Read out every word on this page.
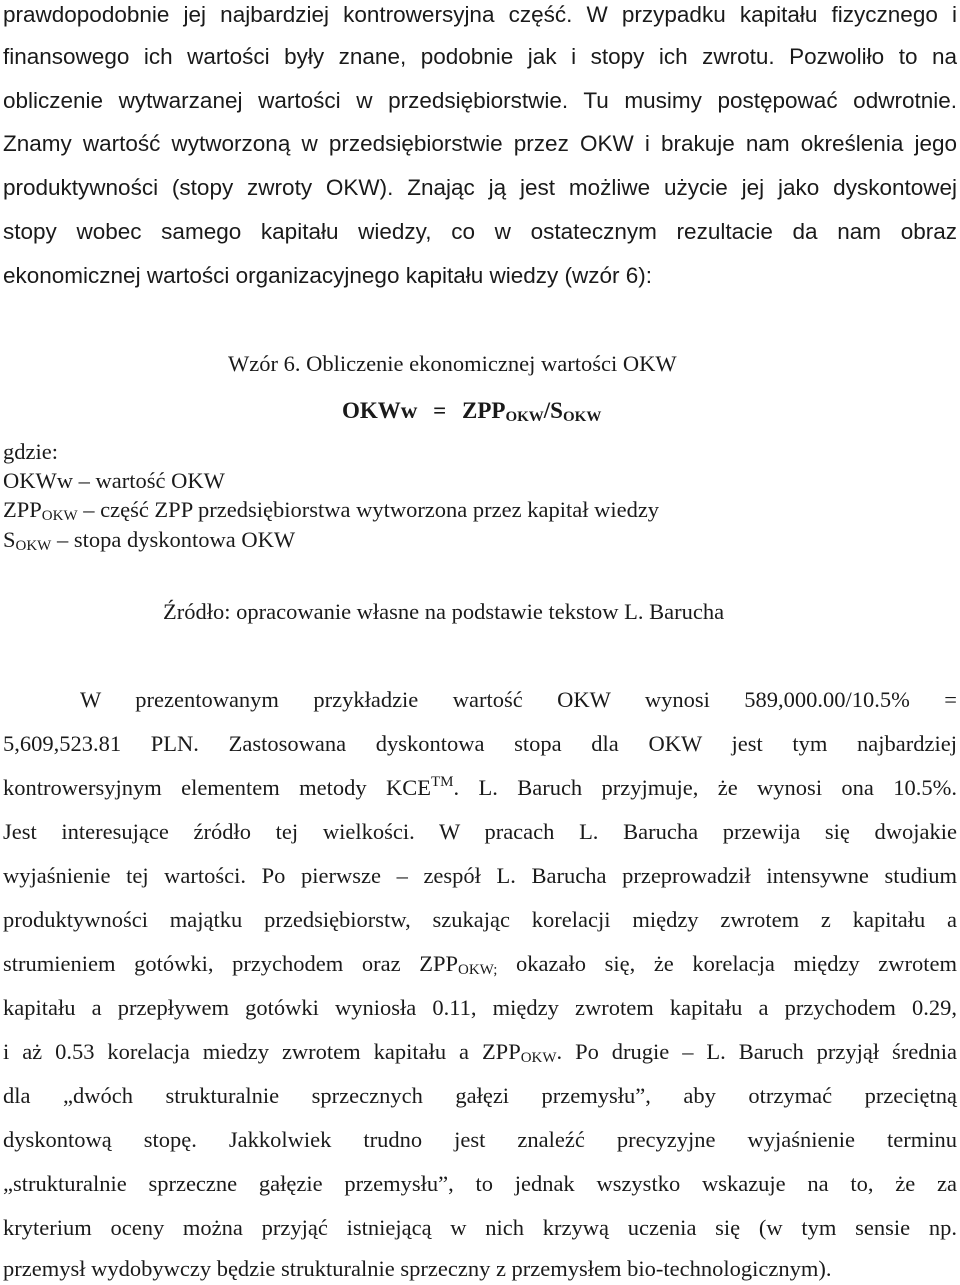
prawdopodobnie jej najbardziej kontrowersyjna część. W przypadku kapitału fizycznego i
finansowego ich wartości były znane, podobnie jak i stopy ich zwrotu. Pozwoliło to na
obliczenie wytwarzanej wartości w przedsiębiorstwie. Tu musimy postępować odwrotnie.
Znamy wartość wytworzoną w przedsiębiorstwie przez OKW i brakuje nam określenia jego
produktywności (stopy zwroty OKW). Znając ją jest możliwe użycie jej jako dyskontowej
stopy wobec samego kapitału wiedzy, co w ostatecznym rezultacie da nam obraz
ekonomicznej wartości organizacyjnego kapitału wiedzy (wzór 6):
Wzór 6. Obliczenie ekonomicznej wartości OKW
OKWw = $ZPP_{OKW}/S_{OKW}$
gdzie:
OKWw – wartość OKW
$ZPP_{OKW}$ – część ZPP przedsiębiorstwa wytworzona przez kapitał wiedzy
$S_{OKW}$ – stopa dyskontowa OKW
Źródło: opracowanie własne na podstawie tekstow L. Barucha
W prezentowanym przykładzie wartość OKW wynosi 589,000.00/10.5% =
5,609,523.81 PLN. Zastosowana dyskontowa stopa dla OKW jest tym najbardziej
kontrowersyjnym elementem metody KCE™. L. Baruch przyjmuje, że wynosi ona 10.5%.
Jest interesujące źródło tej wielkości. W pracach L. Barucha przewija się dwojakie
wyjaśnienie tej wartości. Po pierwsze – zespół L. Barucha przeprowadził intensywne studium
produktywności majątku przedsiębiorstw, szukając korelacji między zwrotem z kapitału a
strumieniem gotówki, przychodem oraz $ZPP_{OKW;}$ okazało się, że korelacja między zwrotem
kapitału a przepływem gotówki wyniosła 0.11, między zwrotem kapitału a przychodem 0.29,
i aż 0.53 korelacja miedzy zwrotem kapitału a $ZPP_{OKW}$. Po drugie – L. Baruch przyjął średnia
dla „dwóch strukturalnie sprzecznych gałęzi przemysłu”, aby otrzymać przeciętną
dyskontową stopę. Jakkolwiek trudno jest znaleźć precyzyjne wyjaśnienie terminu
„strukturalnie sprzeczne gałęzie przemysłu”, to jednak wszystko wskazuje na to, że za
kryterium oceny można przyjąć istniejącą w nich krzywą uczenia się (w tym sensie np.
przemysł wydobywczy będzie strukturalnie sprzeczny z przemysłem bio-technologicznym).
